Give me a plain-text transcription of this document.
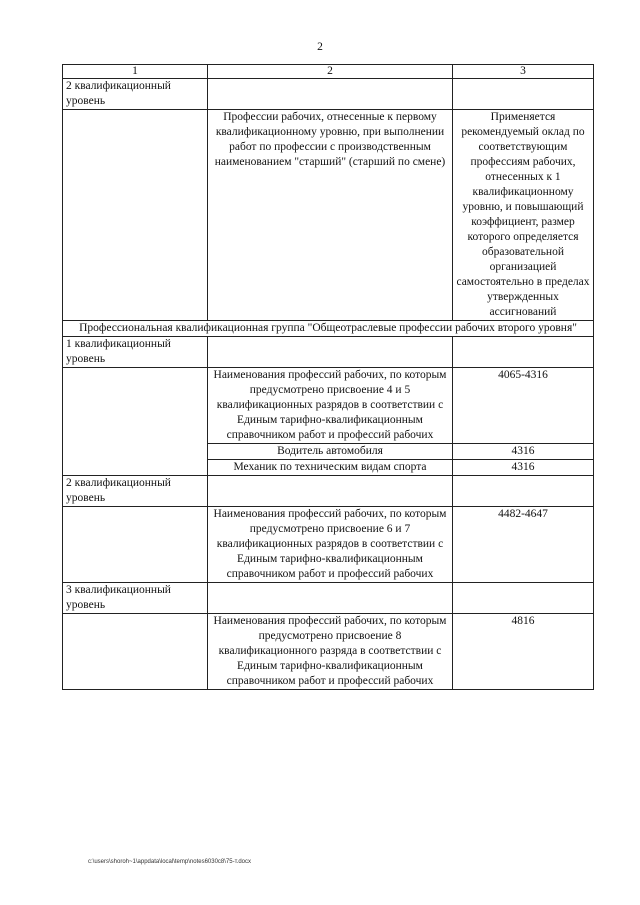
2
1	2	3
2 квалификационный уровень		
	Профессии рабочих, отнесенные к первому квалификационному уровню, при выполнении работ по профессии с производственным наименованием "старший" (старший по смене)	Применяется рекомендуемый оклад по соответствующим профессиям рабочих, отнесенных к 1 квалификационному уровню, и повышающий коэффициент, размер которого определяется образовательной организацией самостоятельно в пределах утвержденных ассигнований
Профессиональная квалификационная группа "Общеотраслевые профессии рабочих второго уровня"		
1 квалификационный уровень		
	Наименования профессий рабочих, по которым предусмотрено присвоение 4 и 5 квалификационных разрядов в соответствии с Единым тарифно-квалификационным справочником работ и профессий рабочих	4065-4316
	Водитель автомобиля	4316
	Механик по техническим видам спорта	4316
2 квалификационный уровень		
	Наименования профессий рабочих, по которым предусмотрено присвоение 6 и 7 квалификационных разрядов в соответствии с Единым тарифно-квалификационным справочником работ и профессий рабочих	4482-4647
3 квалификационный уровень		
	Наименования профессий рабочих, по которым предусмотрено присвоение 8 квалификационного разряда в соответствии с Единым тарифно-квалификационным справочником работ и профессий рабочих	4816
c:\users\shoroh~1\appdata\local\temp\notes6030c8\75-т.docx
